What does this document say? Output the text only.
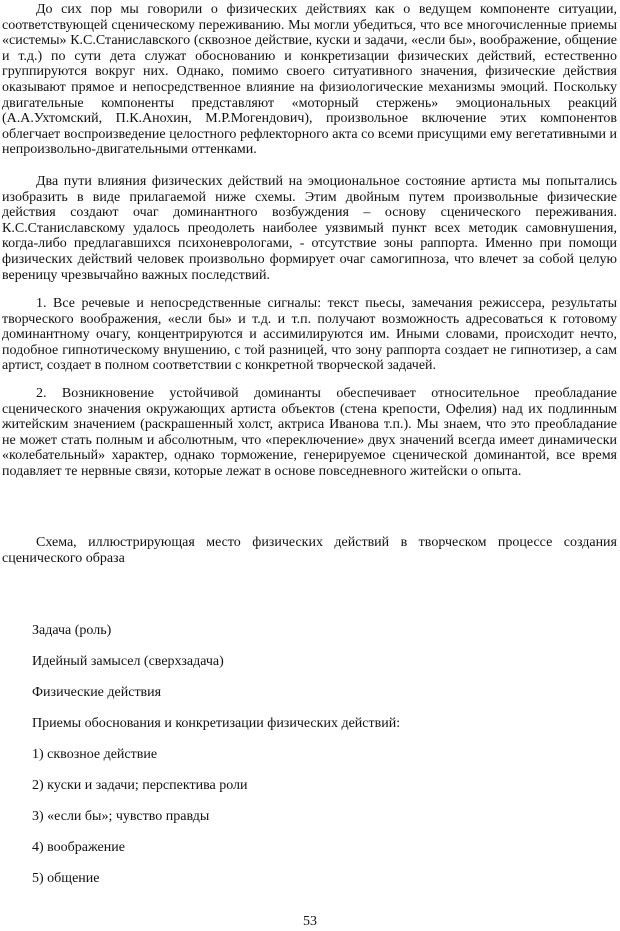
До сих пор мы говорили о физических действиях как о ведущем компоненте ситуации, соответствующей сценическому переживанию. Мы могли убедиться, что все многочисленные приемы «системы» К.С.Станиславского (сквозное действие, куски и задачи, «если бы», воображение, общение и т.д.) по сути дета служат обоснованию и конкретизации физических действий, естественно группируются вокруг них. Однако, помимо своего ситуативного значения, физические действия оказывают прямое и непосредственное влияние на физиологические механизмы эмоций. Поскольку двигательные компоненты представляют «моторный стержень» эмоциональных реакций (А.А.Ухтомский, П.К.Анохин, М.Р.Могендович), произвольное включение этих компонентов облегчает воспроизведение целостного рефлекторного акта со всеми присущими ему вегетативными и непроизвольно-двигательными оттенками.

Два пути влияния физических действий на эмоциональное состояние артиста мы попытались изобразить в виде прилагаемой ниже схемы. Этим двойным путем произвольные физические действия создают очаг доминантного возбуждения – основу сценического переживания. К.С.Станиславскому удалось преодолеть наиболее уязвимый пункт всех методик самовнушения, когда-либо предлагавшихся психоневрологами, - отсутствие зоны раппорта. Именно при помощи физических действий человек произвольно формирует очаг самогипноза, что влечет за собой целую вереницу чрезвычайно важных последствий.

1. Все речевые и непосредственные сигналы: текст пьесы, замечания режиссера, результаты творческого воображения, «если бы» и т.д. и т.п. получают возможность адресоваться к готовому доминантному очагу, концентрируются и ассимилируются им. Иными словами, происходит нечто, подобное гипнотическому внушению, с той разницей, что зону раппорта создает не гипнотизер, а сам артист, создает в полном соответствии с конкретной творческой задачей.

2. Возникновение устойчивой доминанты обеспечивает относительное преобладание сценического значения окружающих артиста объектов (стена крепости, Офелия) над их подлинным житейским значением (раскрашенный холст, актриса Иванова т.п.). Мы знаем, что это преобладание не может стать полным и абсолютным, что «переключение» двух значений всегда имеет динамически «колебательный» характер, однако торможение, генерируемое сценической доминантой, все время подавляет те нервные связи, которые лежат в основе повседневного житейски о опыта.

Схема, иллюстрирующая место физических действий в творческом процессе создания сценического образа

Задача (роль)

Идейный замысел (сверхзадача)

Физические действия

Приемы обоснования и конкретизации физических действий:

1) сквозное действие

2) куски и задачи; перспектива роли

3) «если бы»; чувство правды

4) воображение

5) общение

53
